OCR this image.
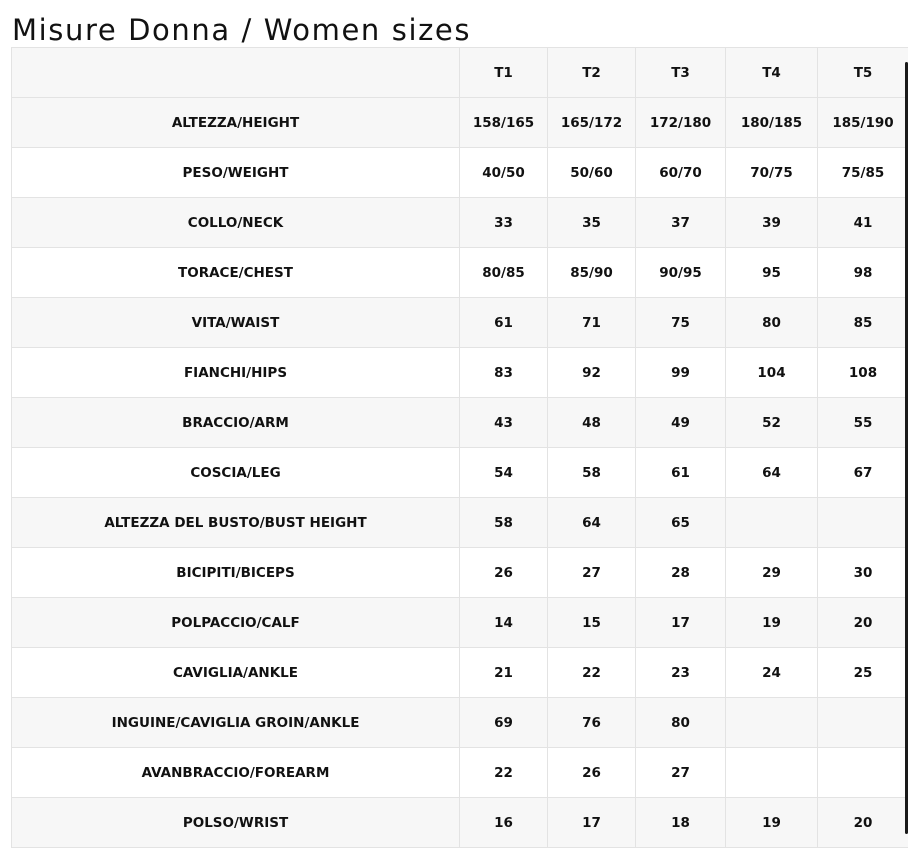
Misure Donna / Women sizes
	T1	T2	T3	T4	T5
ALTEZZA/HEIGHT	158/165	165/172	172/180	180/185	185/190
PESO/WEIGHT	40/50	50/60	60/70	70/75	75/85
COLLO/NECK	33	35	37	39	41
TORACE/CHEST	80/85	85/90	90/95	95	98
VITA/WAIST	61	71	75	80	85
FIANCHI/HIPS	83	92	99	104	108
BRACCIO/ARM	43	48	49	52	55
COSCIA/LEG	54	58	61	64	67
ALTEZZA DEL BUSTO/BUST HEIGHT	58	64	65		
BICIPITI/BICEPS	26	27	28	29	30
POLPACCIO/CALF	14	15	17	19	20
CAVIGLIA/ANKLE	21	22	23	24	25
INGUINE/CAVIGLIA GROIN/ANKLE	69	76	80		
AVANBRACCIO/FOREARM	22	26	27		
POLSO/WRIST	16	17	18	19	20
